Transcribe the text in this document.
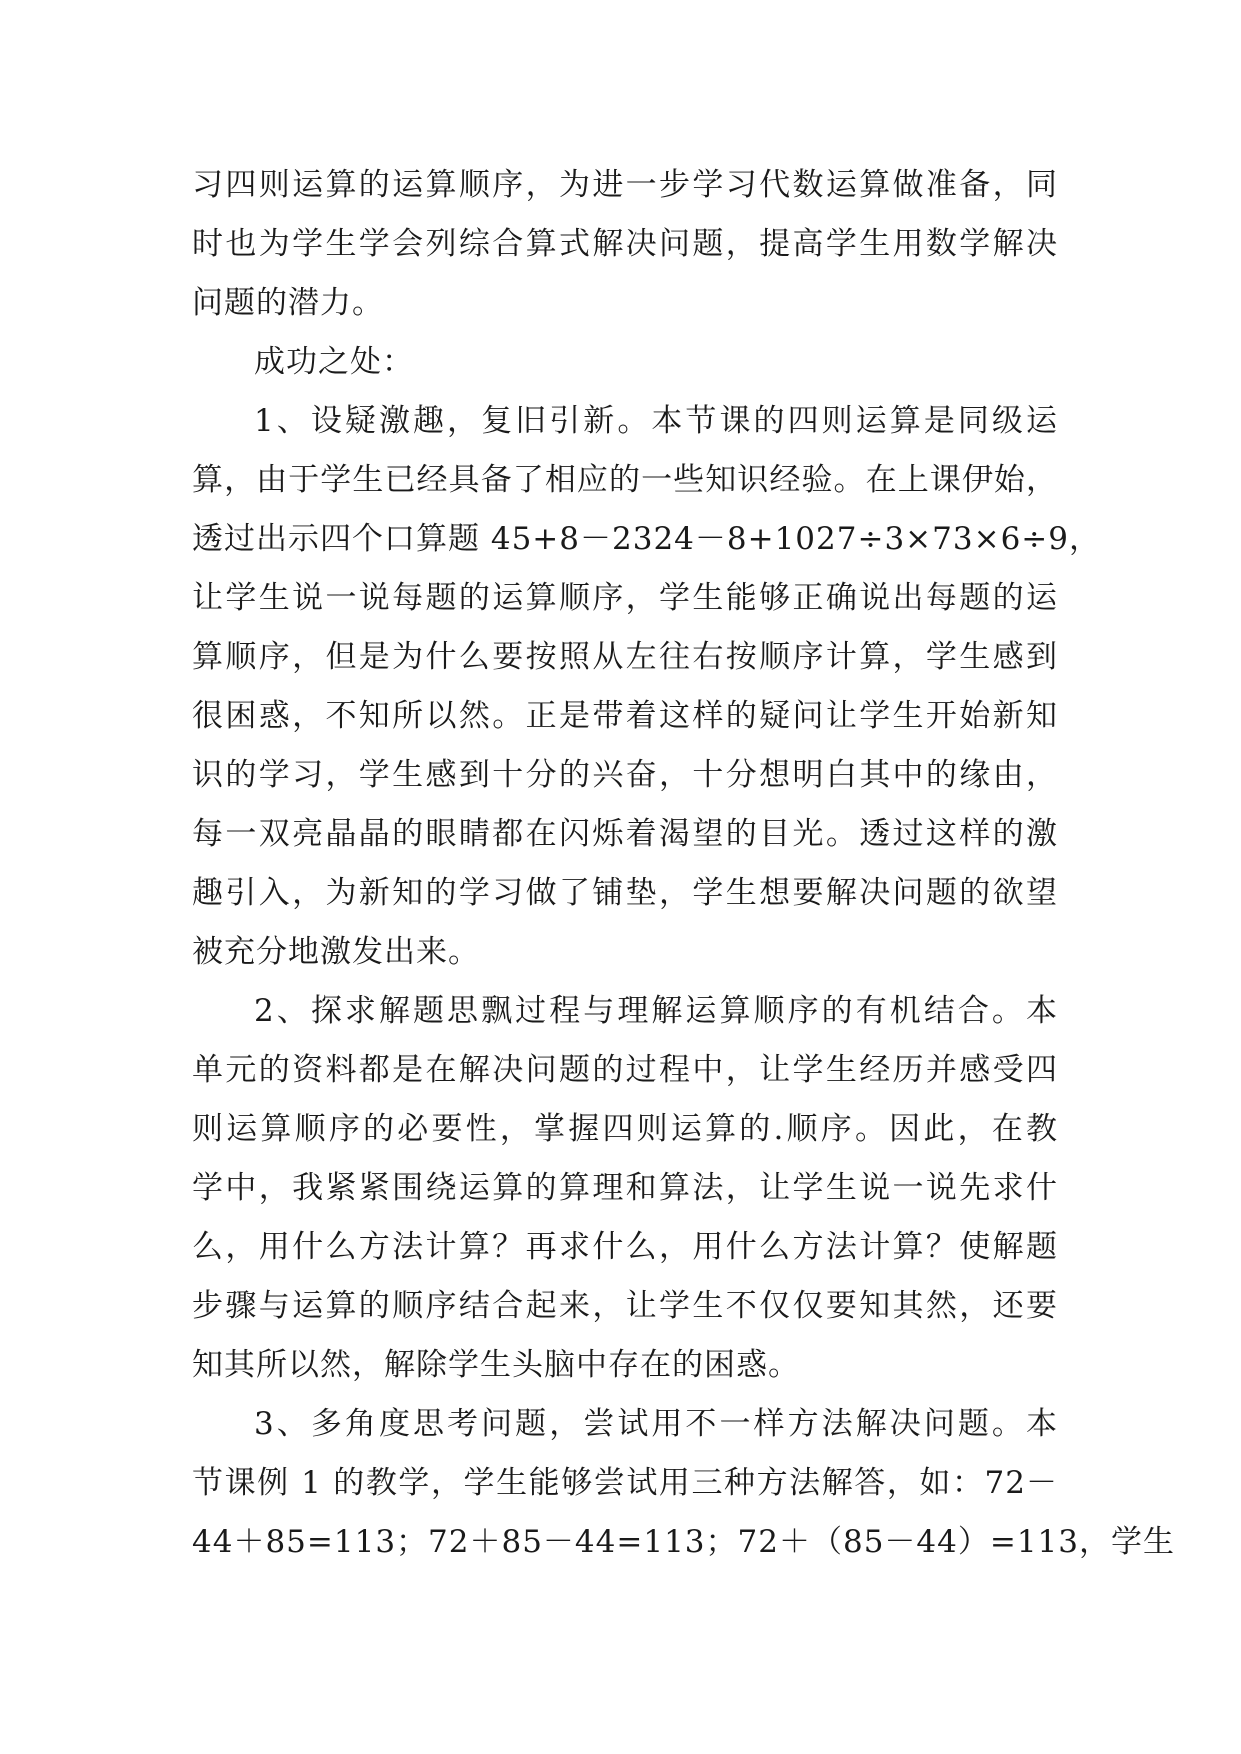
习四则运算的运算顺序，为进一步学习代数运算做准备，同
时也为学生学会列综合算式解决问题，提高学生用数学解决
问题的潜力。
成功之处：
1、设疑激趣，复旧引新。本节课的四则运算是同级运
算，由于学生已经具备了相应的一些知识经验。在上课伊始，
透过出示四个口算题 45+8－2324－8+1027÷3×73×6÷9，
让学生说一说每题的运算顺序，学生能够正确说出每题的运
算顺序，但是为什么要按照从左往右按顺序计算，学生感到
很困惑，不知所以然。正是带着这样的疑问让学生开始新知
识的学习，学生感到十分的兴奋，十分想明白其中的缘由，
每一双亮晶晶的眼睛都在闪烁着渴望的目光。透过这样的激
趣引入，为新知的学习做了铺垫，学生想要解决问题的欲望
被充分地激发出来。
2、探求解题思飘过程与理解运算顺序的有机结合。本
单元的资料都是在解决问题的过程中，让学生经历并感受四
则运算顺序的必要性，掌握四则运算的.顺序。因此，在教
学中，我紧紧围绕运算的算理和算法，让学生说一说先求什
么，用什么方法计算？再求什么，用什么方法计算？使解题
步骤与运算的顺序结合起来，让学生不仅仅要知其然，还要
知其所以然，解除学生头脑中存在的困惑。
3、多角度思考问题，尝试用不一样方法解决问题。本
节课例 1 的教学，学生能够尝试用三种方法解答，如：72－
44＋85=113；72＋85－44=113；72＋（85－44）=113，学生
